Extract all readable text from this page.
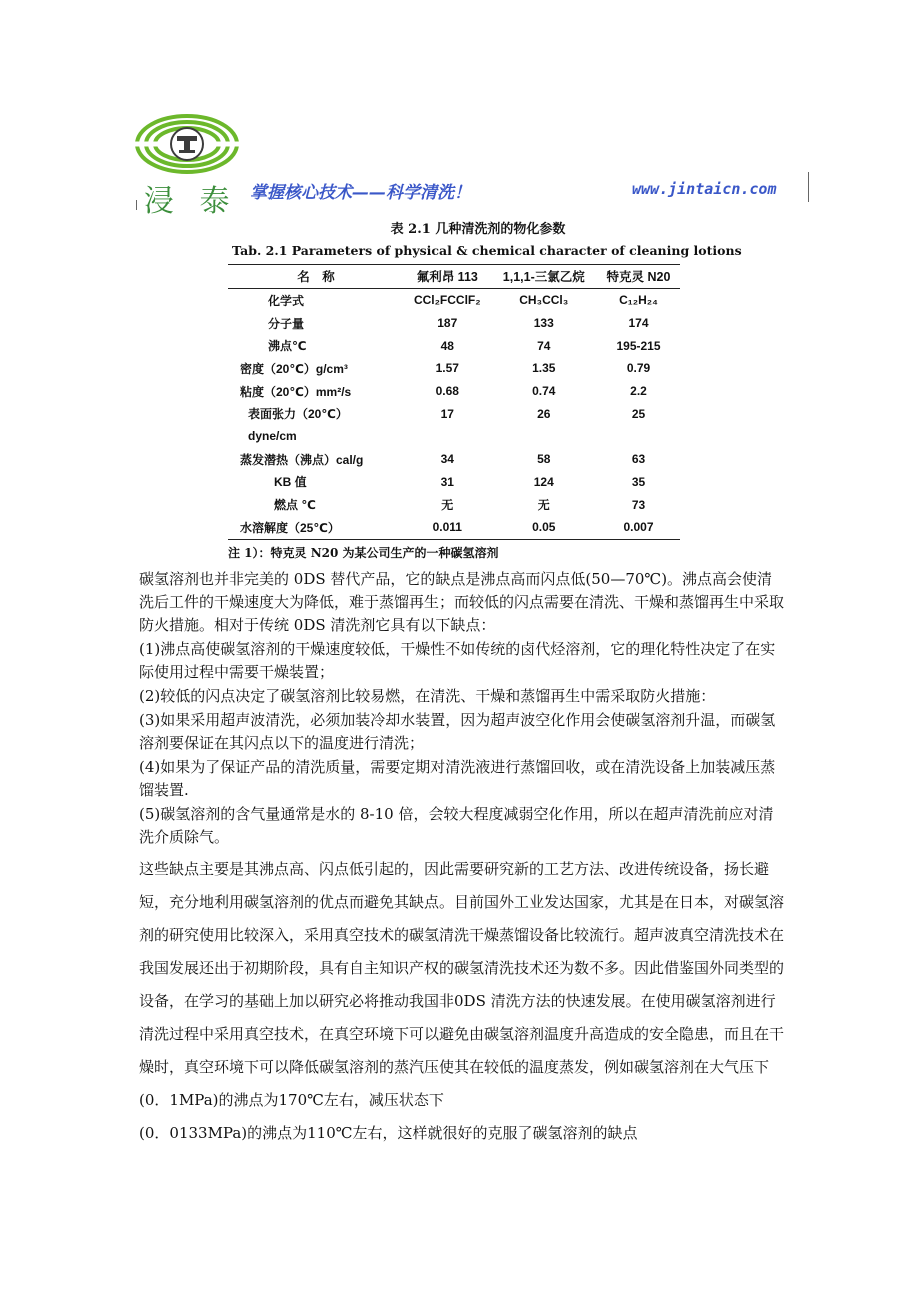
浸 泰 掌握核心技术——科学清洗！	www.jintaicn.com
表 2.1 几种清洗剂的物化参数
Tab. 2.1 Parameters of physical & chemical character of cleaning lotions
名　称	氟利昂 113	1,1,1-三氯乙烷	特克灵 N20
化学式	CCl₂FCClF₂	CH₃CCl₃	C₁₂H₂₄
分子量	187	133	174
沸点℃	48	74	195-215
密度（20℃）g/cm³	1.57	1.35	0.79
粘度（20℃）mm²/s	0.68	0.74	2.2
表面张力（20℃）	17	26	25
dyne/cm			
蒸发潜热（沸点）cal/g	34	58	63
KB 值	31	124	35
燃点 ℃	无	无	73
水溶解度（25℃）	0.011	0.05	0.007
注 1）：特克灵 N20 为某公司生产的一种碳氢溶剂

碳氢溶剂也并非完美的 0DS 替代产品，它的缺点是沸点高而闪点低(50—70℃)。沸点高会使清洗后工件的干燥速度大为降低，难于蒸馏再生；而较低的闪点需要在清洗、干燥和蒸馏再生中采取防火措施。相对于传统 0DS 清洗剂它具有以下缺点：

(1)沸点高使碳氢溶剂的干燥速度较低，干燥性不如传统的卤代烃溶剂，它的理化特性决定了在实际使用过程中需要干燥装置；

(2)较低的闪点决定了碳氢溶剂比较易燃，在清洗、干燥和蒸馏再生中需采取防火措施：

(3)如果采用超声波清洗，必须加装冷却水装置，因为超声波空化作用会使碳氢溶剂升温，而碳氢溶剂要保证在其闪点以下的温度进行清洗；

(4)如果为了保证产品的清洗质量，需要定期对清洗液进行蒸馏回收，或在清洗设备上加装减压蒸馏装置.

(5)碳氢溶剂的含气量通常是水的 8-10 倍，会较大程度减弱空化作用，所以在超声清洗前应对清洗介质除气。

这些缺点主要是其沸点高、闪点低引起的，因此需要研究新的工艺方法、改进传统设备，扬长避短，充分地利用碳氢溶剂的优点而避免其缺点。目前国外工业发达国家，尤其是在日本，对碳氢溶剂的研究使用比较深入，采用真空技术的碳氢清洗干燥蒸馏设备比较流行。超声波真空清洗技术在我国发展还出于初期阶段，具有自主知识产权的碳氢清洗技术还为数不多。因此借鉴国外同类型的设备，在学习的基础上加以研究必将推动我国非0DS 清洗方法的快速发展。在使用碳氢溶剂进行清洗过程中采用真空技术，在真空环境下可以避免由碳氢溶剂温度升高造成的安全隐患，而且在干燥时，真空环境下可以降低碳氢溶剂的蒸汽压使其在较低的温度蒸发，例如碳氢溶剂在大气压下(0．1MPa)的沸点为170℃左右，减压状态下

(0．0133MPa)的沸点为110℃左右，这样就很好的克服了碳氢溶剂的缺点
